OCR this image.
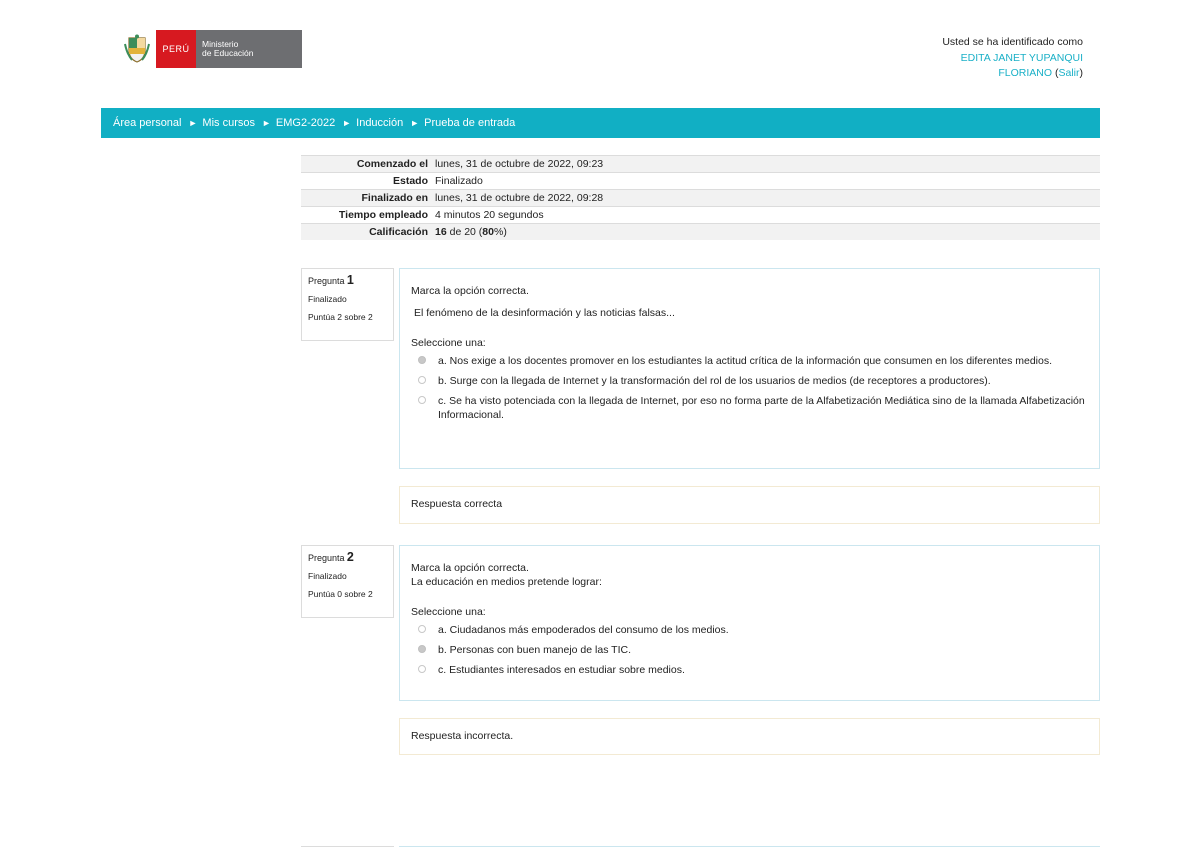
PERÚ	Ministerio
de Educación
Usted se ha identificado como
EDITA JANET YUPANQUI
FLORIANO (Salir)
Área personal ► Mis cursos ► EMG2-2022 ► Inducción ► Prueba de entrada
Comenzado el	lunes, 31 de octubre de 2022, 09:23
Estado	Finalizado
Finalizado en	lunes, 31 de octubre de 2022, 09:28
Tiempo empleado	4 minutos 20 segundos
Calificación	16 de 20 (80%)
Pregunta 1
Finalizado
Puntúa 2 sobre 2
Marca la opción correcta.
El fenómeno de la desinformación y las noticias falsas...
Seleccione una:
a. Nos exige a los docentes promover en los estudiantes la actitud crítica de la información que consumen en los diferentes medios.
b. Surge con la llegada de Internet y la transformación del rol de los usuarios de medios (de receptores a productores).
c. Se ha visto potenciada con la llegada de Internet, por eso no forma parte de la Alfabetización Mediática sino de la llamada Alfabetización Informacional.
Respuesta correcta
Pregunta 2
Finalizado
Puntúa 0 sobre 2
Marca la opción correcta.
La educación en medios pretende lograr:
Seleccione una:
a. Ciudadanos más empoderados del consumo de los medios.
b. Personas con buen manejo de las TIC.
c. Estudiantes interesados en estudiar sobre medios.
Respuesta incorrecta.
